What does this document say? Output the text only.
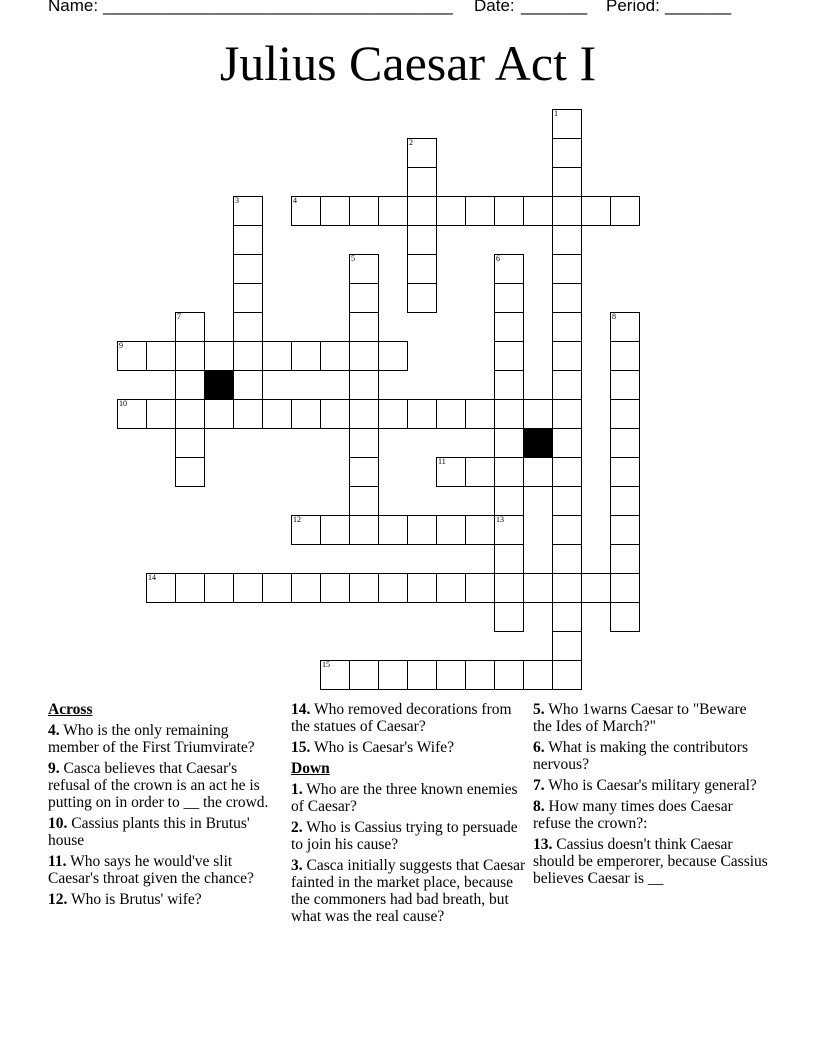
Name: _____________________________________ Date: _______ Period: _______
Julius Caesar Act I
1
2
4
3
5	6
7	8
9
10
11
12	13
14
15
Across
4. Who is the only remaining member of the First Triumvirate?
9. Casca believes that Caesar's refusal of the crown is an act he is putting on in order to __ the crowd.
10. Cassius plants this in Brutus' house
11. Who says he would've slit Caesar's throat given the chance?
12. Who is Brutus' wife?
14. Who removed decorations from the statues of Caesar?
15. Who is Caesar's Wife?
Down
1. Who are the three known enemies of Caesar?
2. Who is Cassius trying to persuade to join his cause?
3. Casca initially suggests that Caesar fainted in the market place, because the commoners had bad breath, but what was the real cause?
5. Who 1warns Caesar to "Beware the Ides of March?"
6. What is making the contributors nervous?
7. Who is Caesar's military general?
8. How many times does Caesar refuse the crown?:
13. Cassius doesn't think Caesar should be emperorer, because Cassius believes Caesar is __
